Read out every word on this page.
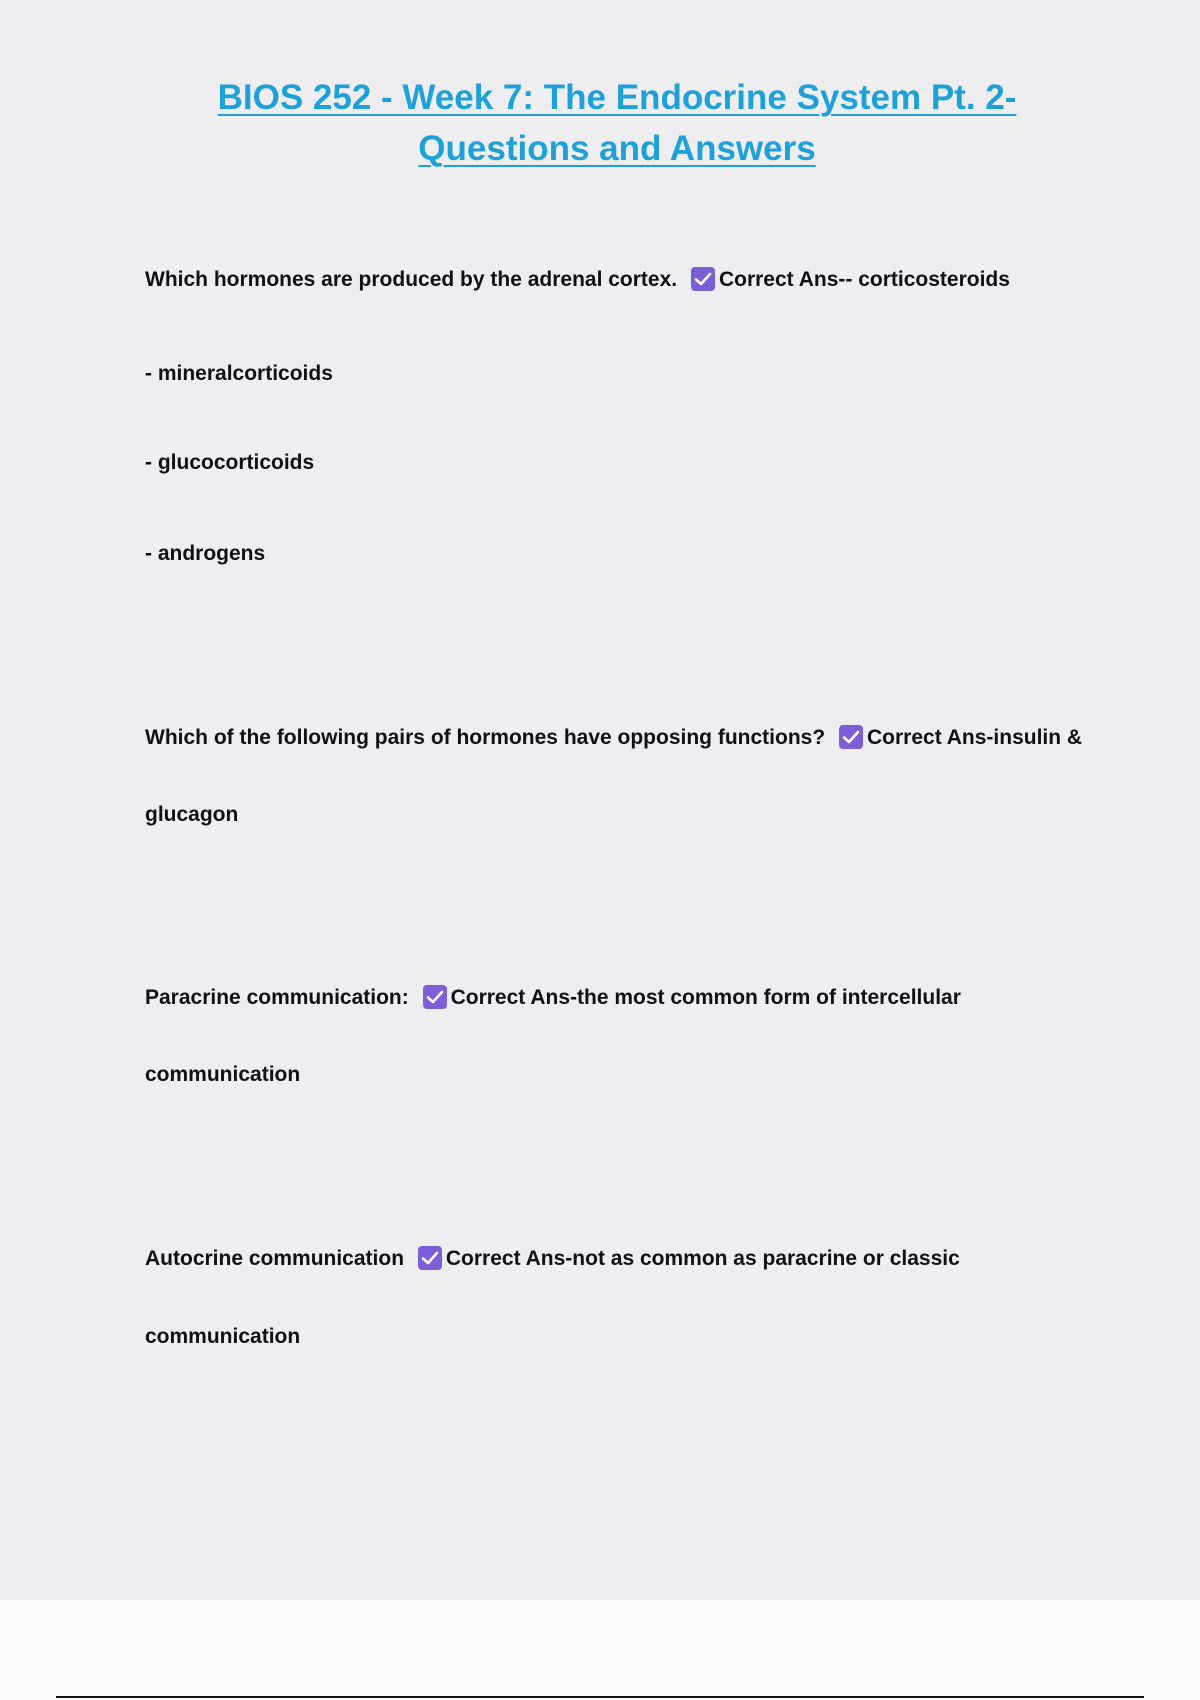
BIOS 252 - Week 7: The Endocrine System Pt. 2-
Questions and Answers
Which hormones are produced by the adrenal cortex. Correct Ans-- corticosteroids
- mineralcorticoids
- glucocorticoids
- androgens
Which of the following pairs of hormones have opposing functions? Correct Ans-insulin &
glucagon
Paracrine communication: Correct Ans-the most common form of intercellular
communication
Autocrine communication Correct Ans-not as common as paracrine or classic
communication
